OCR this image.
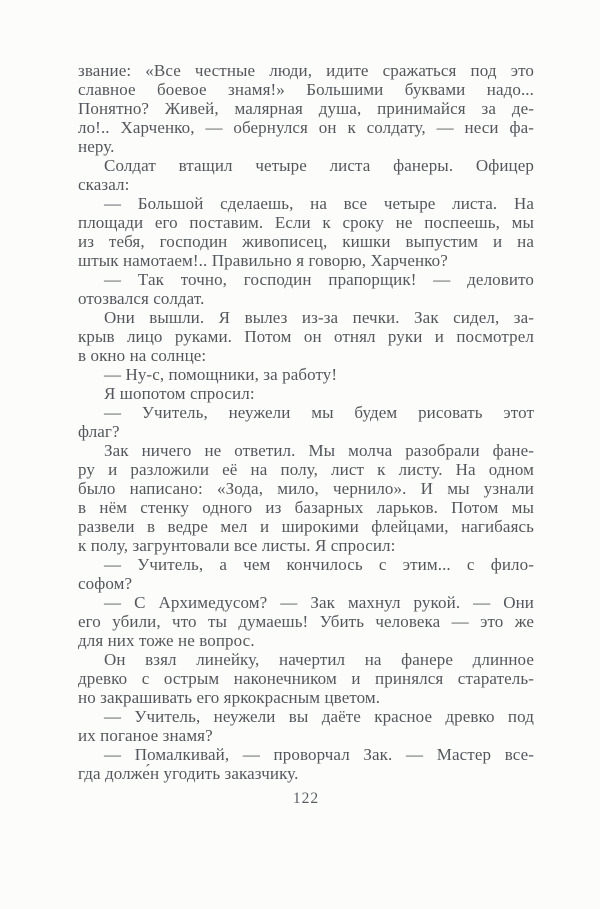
звание: «Все честные люди, идите сражаться под это
славное боевое знамя!» Большими буквами надо...
Понятно? Живей, малярная душа, принимайся за де-
ло!.. Харченко, — обернулся он к солдату, — неси фа-
неру.

Солдат втащил четыре листа фанеры. Офицер
сказал:

— Большой сделаешь, на все четыре листа. На
площади его поставим. Если к сроку не поспеешь, мы
из тебя, господин живописец, кишки выпустим и на
штык намотаем!.. Правильно я говорю, Харченко?

— Так точно, господин прапорщик! — деловито
отозвался солдат.

Они вышли. Я вылез из-за печки. Зак сидел, за-
крыв лицо руками. Потом он отнял руки и посмотрел
в окно на солнце:

— Ну-с, помощники, за работу!

Я шопотом спросил:

— Учитель, неужели мы будем рисовать этот
флаг?

Зак ничего не ответил. Мы молча разобрали фане-
ру и разложили её на полу, лист к листу. На одном
было написано: «Зода, мило, чернило». И мы узнали
в нём стенку одного из базарных ларьков. Потом мы
развели в ведре мел и широкими флейцами, нагибаясь
к полу, загрунтовали все листы. Я спросил:

— Учитель, а чем кончилось с этим... с фило-
софом?

— С Архимедусом? — Зак махнул рукой. — Они
его убили, что ты думаешь! Убить человека — это же
для них тоже не вопрос.

Он взял линейку, начертил на фанере длинное
древко с острым наконечником и принялся старатель-
но закрашивать его яркокрасным цветом.

— Учитель, неужели вы даёте красное древко под
их поганое знамя?

— Помалкивай, — проворчал Зак. — Мастер все-
гда долже́н угодить заказчику.

122
